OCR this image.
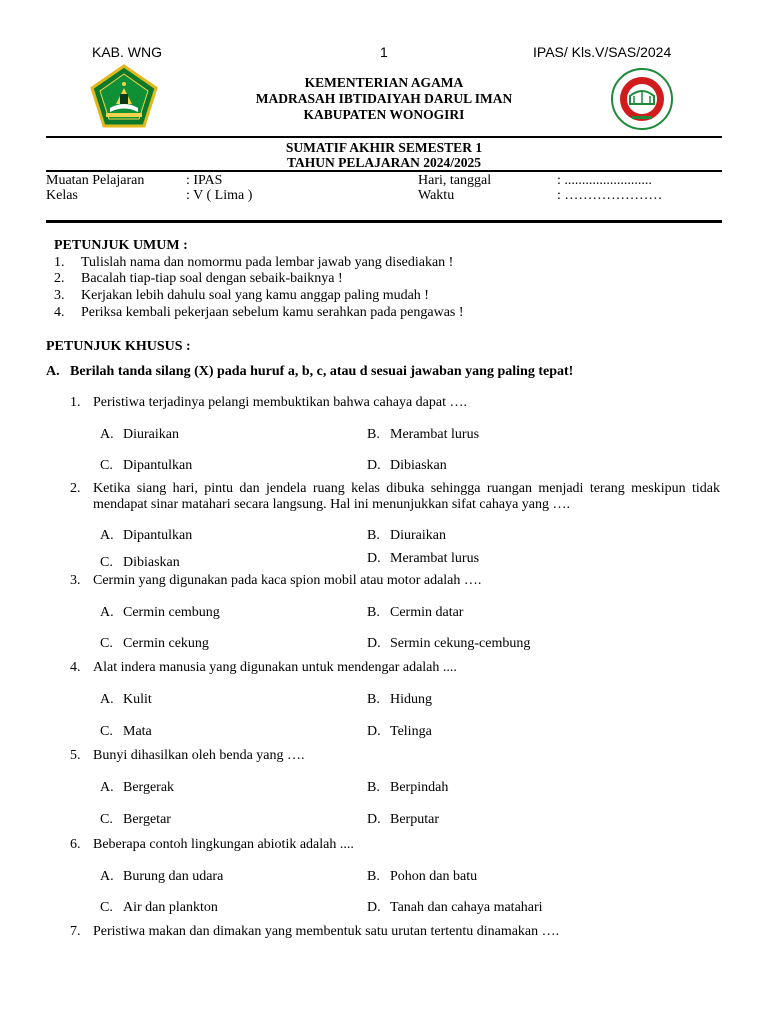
KAB. WNG	1	IPAS/ Kls.V/SAS/2024
KEMENTERIAN AGAMA
MADRASAH IBTIDAIYAH DARUL IMAN
KABUPATEN WONOGIRI
SUMATIF AKHIR SEMESTER 1
TAHUN PELAJARAN 2024/2025
Muatan Pelajaran	: IPAS	Hari, tanggal	: .........................
Kelas	: V ( Lima )	Waktu	: …………………
PETUNJUK UMUM :
1. Tulislah nama dan nomormu pada lembar jawab yang disediakan !
2. Bacalah tiap-tiap soal dengan sebaik-baiknya !
3. Kerjakan lebih dahulu soal yang kamu anggap paling mudah !
4. Periksa kembali pekerjaan sebelum kamu serahkan pada pengawas !
PETUNJUK KHUSUS :
A. Berilah tanda silang (X) pada huruf a, b, c, atau d sesuai jawaban yang paling tepat!
1. Peristiwa terjadinya pelangi membuktikan bahwa cahaya dapat ….
A. Diuraikan	B. Merambat lurus
C. Dipantulkan	D. Dibiaskan
2. Ketika siang hari, pintu dan jendela ruang kelas dibuka sehingga ruangan menjadi terang meskipun tidak mendapat sinar matahari secara langsung. Hal ini menunjukkan sifat cahaya yang ….
A. Dipantulkan	B. Diuraikan
C. Dibiaskan	D. Merambat lurus
3. Cermin yang digunakan pada kaca spion mobil atau motor adalah ….
A. Cermin cembung	B. Cermin datar
C. Cermin cekung	D. Sermin cekung-cembung
4. Alat indera manusia yang digunakan untuk mendengar adalah ....
A. Kulit	B. Hidung
C. Mata	D. Telinga
5. Bunyi dihasilkan oleh benda yang ….
A. Bergerak	B. Berpindah
C. Bergetar	D. Berputar
6. Beberapa contoh lingkungan abiotik adalah ....
A. Burung dan udara	B. Pohon dan batu
C. Air dan plankton	D. Tanah dan cahaya matahari
7. Peristiwa makan dan dimakan yang membentuk satu urutan tertentu dinamakan ….
